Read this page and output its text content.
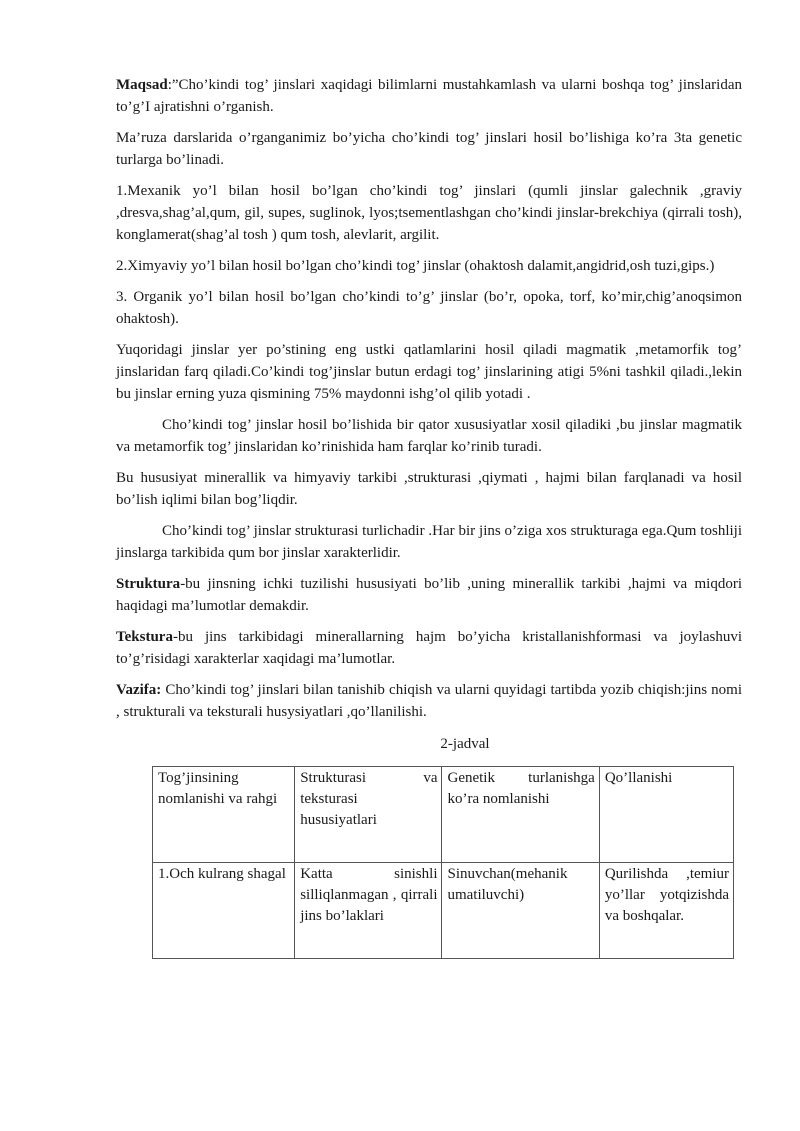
Maqsad:”Cho’kindi tog’ jinslari xaqidagi bilimlarni mustahkamlash va ularni boshqa tog’ jinslaridan to’g’I ajratishni o’rganish.

Ma’ruza darslarida o’rganganimiz bo’yicha cho’kindi tog’ jinslari hosil bo’lishiga ko’ra 3ta genetic turlarga bo’linadi.

1.Mexanik yo’l bilan hosil bo’lgan cho’kindi tog’ jinslari (qumli jinslar galechnik ,graviy ,dresva,shag’al,qum, gil, supes, suglinok, lyos;tsementlashgan cho’kindi jinslar-brekchiya (qirrali tosh), konglamerat(shag’al tosh ) qum tosh, alevlarit, argilit.

2.Ximyaviy yo’l bilan hosil bo’lgan cho’kindi tog’ jinslar (ohaktosh dalamit,angidrid,osh tuzi,gips.)

3. Organik yo’l bilan hosil bo’lgan cho’kindi to’g’ jinslar (bo’r, opoka, torf, ko’mir,chig’anoqsimon ohaktosh).

Yuqoridagi jinslar yer po’stining eng ustki qatlamlarini hosil qiladi magmatik ,metamorfik tog’ jinslaridan farq qiladi.Co’kindi tog’jinslar butun erdagi tog’ jinslarining atigi 5%ni tashkil qiladi.,lekin bu jinslar erning yuza qismining 75% maydonni ishg’ol qilib yotadi .

Cho’kindi tog’ jinslar hosil bo’lishida bir qator xususiyatlar xosil qiladiki ,bu jinslar magmatik va metamorfik tog’ jinslaridan ko’rinishida ham farqlar ko’rinib turadi.

Bu hususiyat minerallik va himyaviy tarkibi ,strukturasi ,qiymati , hajmi bilan farqlanadi va hosil bo’lish iqlimi bilan bog’liqdir.

Cho’kindi tog’ jinslar strukturasi turlichadir .Har bir jins o’ziga xos strukturaga ega.Qum toshliji jinslarga tarkibida qum bor jinslar xarakterlidir.

Struktura-bu jinsning ichki tuzilishi hususiyati bo’lib ,uning minerallik tarkibi ,hajmi va miqdori haqidagi ma’lumotlar demakdir.

Tekstura-bu jins tarkibidagi minerallarning hajm bo’yicha kristallanishformasi va joylashuvi to’g’risidagi xarakterlar xaqidagi ma’lumotlar.

Vazifa: Cho’kindi tog’ jinslari bilan tanishib chiqish va ularni quyidagi tartibda yozib chiqish:jins nomi , strukturali va teksturali husysiyatlari ,qo’llanilishi.

2-jadval
Tog’jinsining nomlanishi va rahgi	Strukturasi va teksturasi hususiyatlari	Genetik turlanishga ko’ra nomlanishi	Qo’llanishi
1.Och kulrang shagal	Katta sinishli silliqlanmagan , qirrali jins bo’laklari	Sinuvchan(mehanik umatiluvchi)	Qurilishda ,temiur yo’llar yotqizishda va boshqalar.
